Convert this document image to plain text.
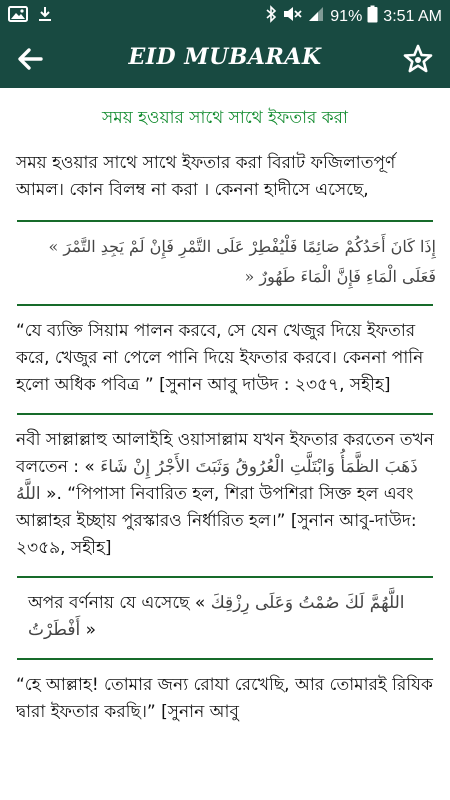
91% 3:51 AM
EID MUBARAK
সময় হওয়ার সাথে সাথে ইফতার করা
সময় হওয়ার সাথে সাথে ইফতার করা বিরাট ফজিলাতপূর্ণ আমল। কোন বিলম্ব না করা । কেননা হাদীসে এসেছে,
إِذَا كَانَ أَحَدُكُمْ صَائِمًا فَلْيُفْطِرْ عَلَى التَّمْرِ فَإِنْ لَمْ يَجِدِ التَّمْرَ » فَعَلَى الْمَاءِ فَإِنَّ الْمَاءَ طَهُورٌ «
“যে ব্যক্তি সিয়াম পালন করবে, সে যেন খেজুর দিয়ে ইফতার করে, খেজুর না পেলে পানি দিয়ে ইফতার করবে। কেননা পানি হলো অধিক পবিত্র ” [সুনান আবু দাউদ : ২৩৫৭, সহীহ]
নবী সাল্লাল্লাহু আলাইহি ওয়াসাল্লাম যখন ইফতার করতেন তখন বলতেন : « ذَهَبَ الظَّمَأُ وَابْتَلَّتِ الْعُرُوقُ وَثَبَتَ الأَجْرُ إِنْ شَاءَ اللَّهُ ». “পিপাসা নিবারিত হল, শিরা উপশিরা সিক্ত হল এবং আল্লাহর ইচ্ছায় পুরস্কারও নির্ধারিত হল।” [সুনান আবু-দাউদ: ২৩৫৯, সহীহ]
অপর বর্ণনায় যে এসেছে « اللَّهُمَّ لَكَ صُمْتُ وَعَلَى رِزْقِكَ أَفْطَرْتُ »
“হে আল্লাহ! তোমার জন্য রোযা রেখেছি, আর তোমারই রিযিক দ্বারা ইফতার করছি।” [সুনান আবু
